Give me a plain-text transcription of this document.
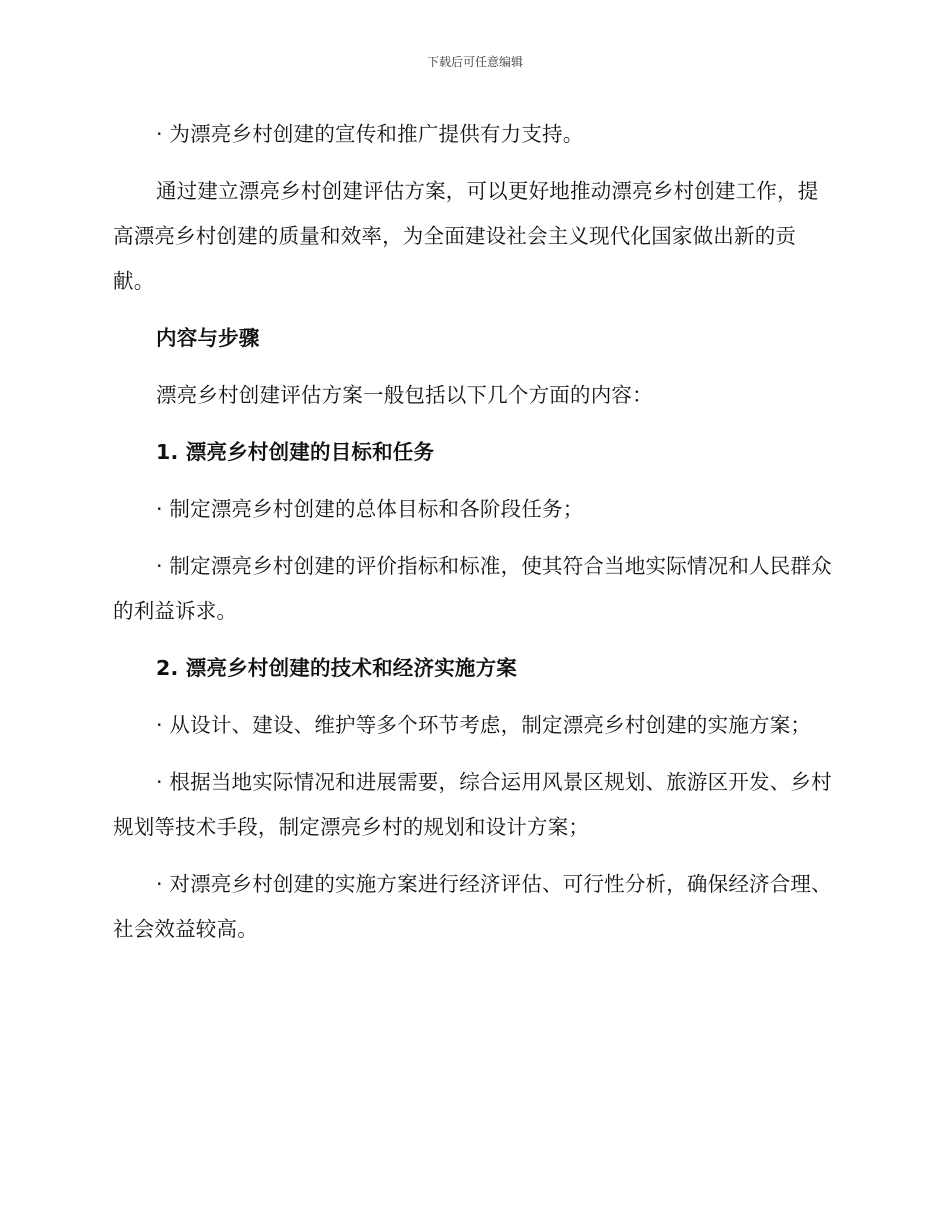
下载后可任意编辑

· 为漂亮乡村创建的宣传和推广提供有力支持。

通过建立漂亮乡村创建评估方案，可以更好地推动漂亮乡村创建工作，提高漂亮乡村创建的质量和效率，为全面建设社会主义现代化国家做出新的贡献。

内容与步骤

漂亮乡村创建评估方案一般包括以下几个方面的内容：

1. 漂亮乡村创建的目标和任务

· 制定漂亮乡村创建的总体目标和各阶段任务；

· 制定漂亮乡村创建的评价指标和标准，使其符合当地实际情况和人民群众的利益诉求。

2. 漂亮乡村创建的技术和经济实施方案

· 从设计、建设、维护等多个环节考虑，制定漂亮乡村创建的实施方案；

· 根据当地实际情况和进展需要，综合运用风景区规划、旅游区开发、乡村规划等技术手段，制定漂亮乡村的规划和设计方案；

· 对漂亮乡村创建的实施方案进行经济评估、可行性分析，确保经济合理、社会效益较高。
